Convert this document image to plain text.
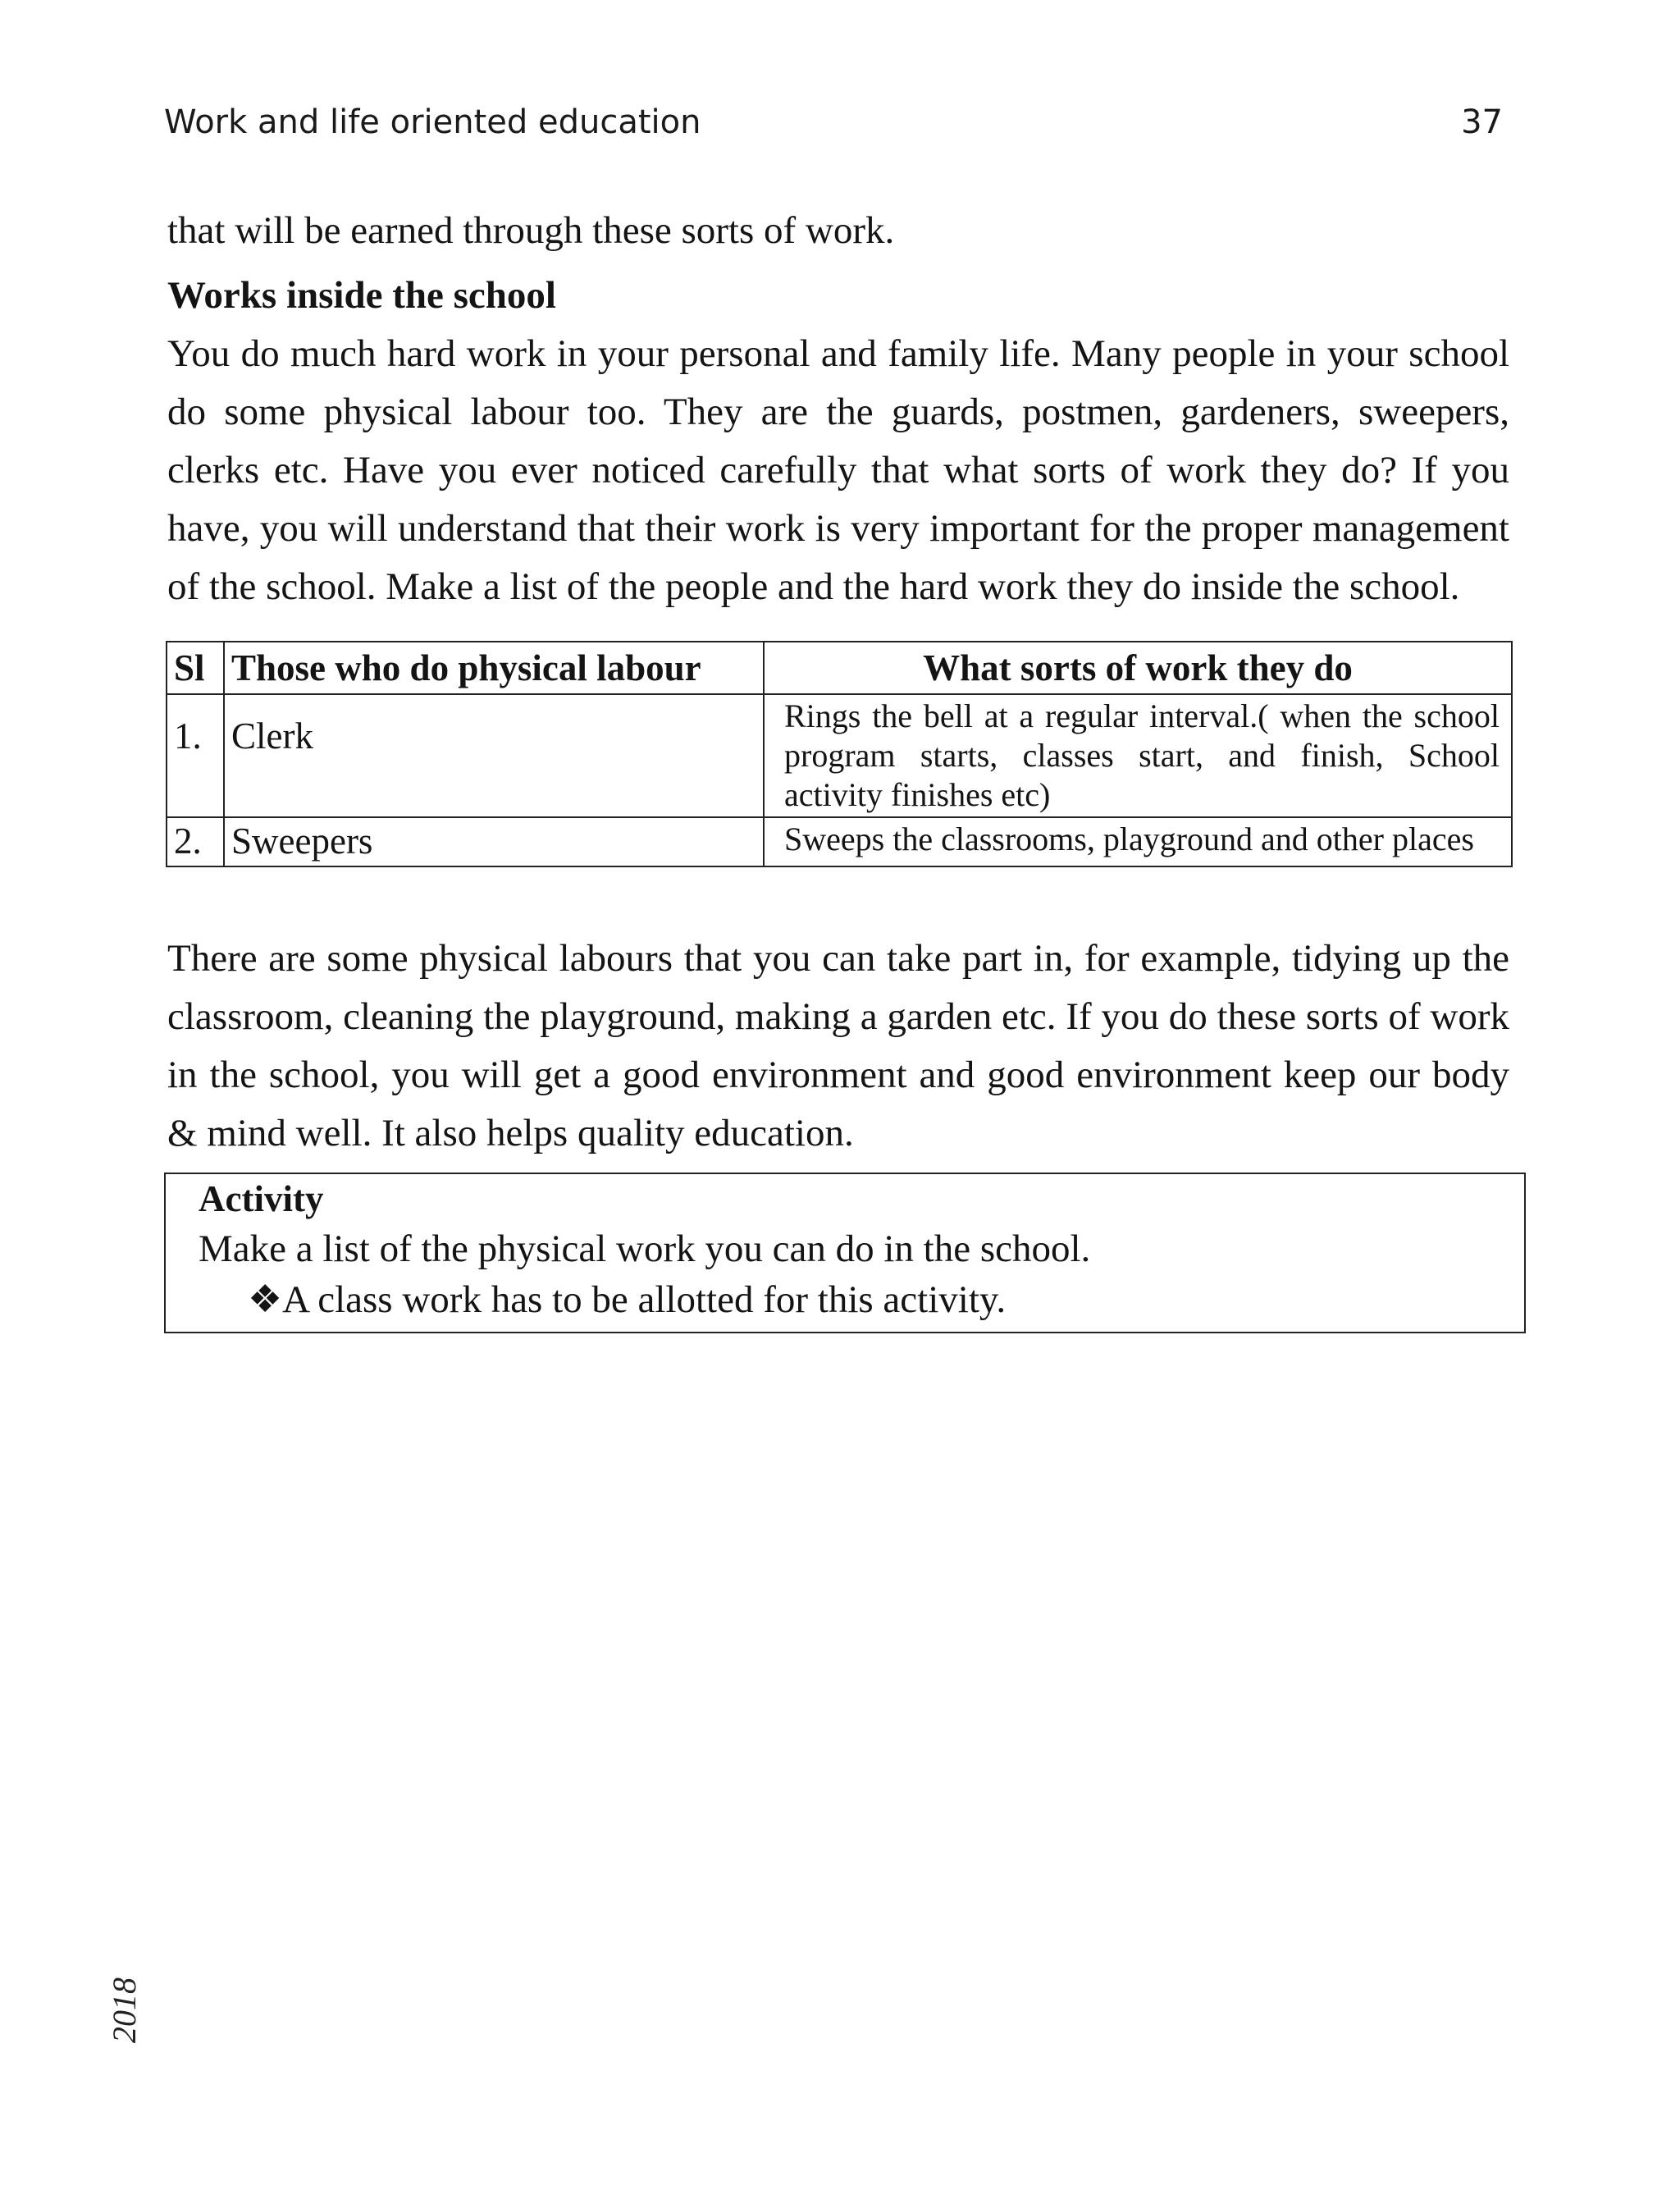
Work and life oriented education	37

that will be earned through these sorts of work.

Works inside the school

You do much hard work in your personal and family life. Many people in your school do some physical labour too. They are the guards, postmen, gardeners, sweepers, clerks etc. Have you ever noticed carefully that what sorts of work they do? If you have, you will understand that their work is very important for the proper management of the school. Make a list of the people and the hard work they do inside the school.

Sl	Those who do physical labour	What sorts of work they do
1.	Clerk	Rings the bell at a regular interval.( when the school program starts, classes start, and finish, School activity finishes etc)
2.	Sweepers	Sweeps the classrooms, playground and other places

There are some physical labours that you can take part in, for example, tidying up the classroom, cleaning the playground, making a garden etc. If you do these sorts of work in the school, you will get a good environment and good environment keep our body & mind well. It also helps quality education.

Activity
Make a list of the physical work you can do in the school.
❖A class work has to be allotted for this activity.
2018
